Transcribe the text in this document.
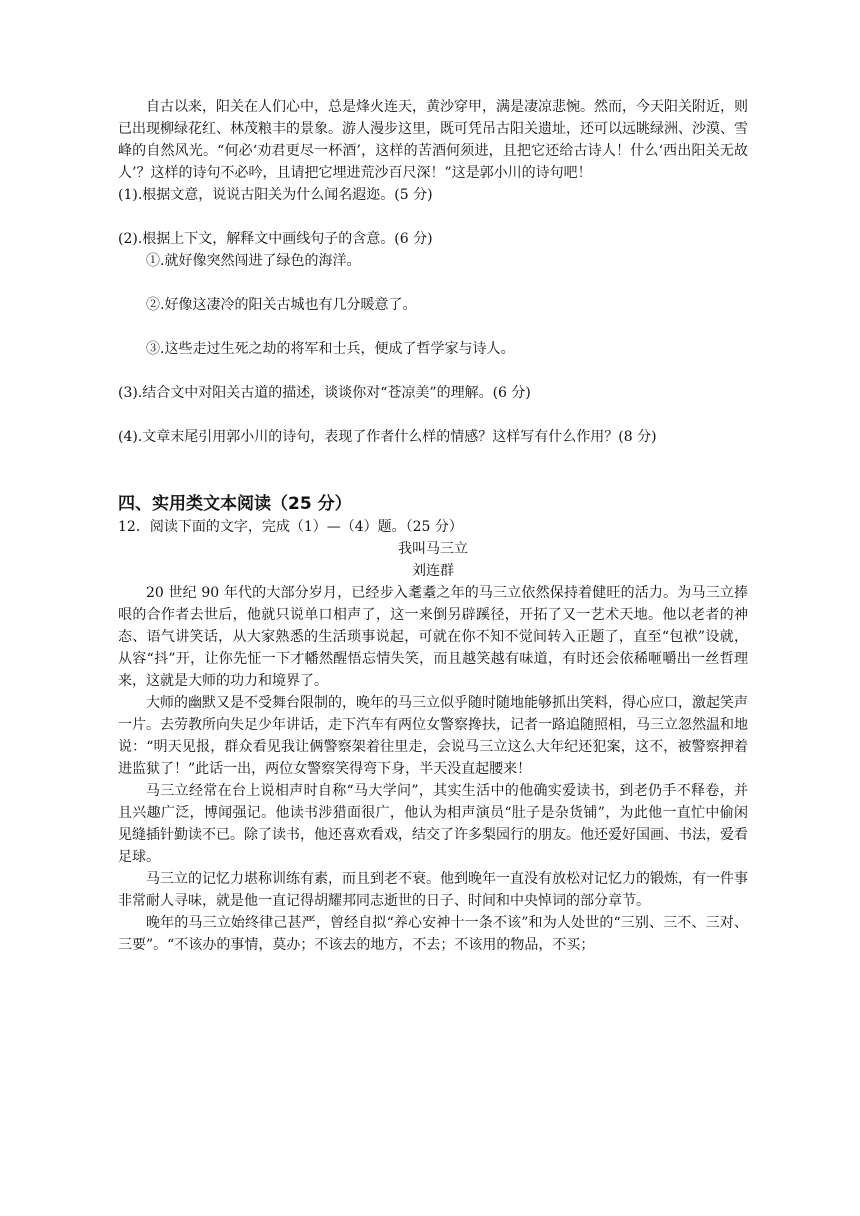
自古以来，阳关在人们心中，总是烽火连天，黄沙穿甲，满是凄凉悲惋。然而，今天阳关附近，则已出现柳绿花红、林茂粮丰的景象。游人漫步这里，既可凭吊古阳关遗址，还可以远眺绿洲、沙漠、雪峰的自然风光。“何必‘劝君更尽一杯酒’，这样的苦酒何须进，且把它还给古诗人！什么‘西出阳关无故人’？这样的诗句不必吟，且请把它埋进荒沙百尺深！”这是郭小川的诗句吧！

(1).根据文意，说说古阳关为什么闻名遐迩。(5 分)

(2).根据上下文，解释文中画线句子的含意。(6 分)

①.就好像突然闯进了绿色的海洋。

②.好像这凄冷的阳关古城也有几分暖意了。

③.这些走过生死之劫的将军和士兵，便成了哲学家与诗人。

(3).结合文中对阳关古道的描述，谈谈你对“苍凉美”的理解。(6 分)

(4).文章末尾引用郭小川的诗句，表现了作者什么样的情感？这样写有什么作用？(8 分)

四、实用类文本阅读（25 分）

12．阅读下面的文字，完成（1）—（4）题。（25 分）

我叫马三立

刘连群

20 世纪 90 年代的大部分岁月，已经步入耄耋之年的马三立依然保持着健旺的活力。为马三立捧哏的合作者去世后，他就只说单口相声了，这一来倒另辟蹊径，开拓了又一艺术天地。他以老者的神态、语气讲笑话，从大家熟悉的生活琐事说起，可就在你不知不觉间转入正题了，直至“包袱”设就，从容“抖”开，让你先怔一下才幡然醒悟忘情失笑，而且越笑越有味道，有时还会依稀咂嚼出一丝哲理来，这就是大师的功力和境界了。

大师的幽默又是不受舞台限制的，晚年的马三立似乎随时随地能够抓出笑料，得心应口，激起笑声一片。去劳教所向失足少年讲话，走下汽车有两位女警察搀扶，记者一路追随照相，马三立忽然温和地说：“明天见报，群众看见我让俩警察架着往里走，会说马三立这么大年纪还犯案，这不，被警察押着进监狱了！”此话一出，两位女警察笑得弯下身，半天没直起腰来！

马三立经常在台上说相声时自称“马大学问”，其实生活中的他确实爱读书，到老仍手不释卷，并且兴趣广泛，博闻强记。他读书涉猎面很广，他认为相声演员“肚子是杂货铺”，为此他一直忙中偷闲见缝插针勤读不已。除了读书，他还喜欢看戏，结交了许多梨园行的朋友。他还爱好国画、书法，爱看足球。

马三立的记忆力堪称训练有素，而且到老不衰。他到晚年一直没有放松对记忆力的锻炼，有一件事非常耐人寻味，就是他一直记得胡耀邦同志逝世的日子、时间和中央悼词的部分章节。

晚年的马三立始终律己甚严，曾经自拟“养心安神十一条不该”和为人处世的“三别、三不、三对、三要”。“不该办的事情，莫办；不该去的地方，不去；不该用的物品，不买；
